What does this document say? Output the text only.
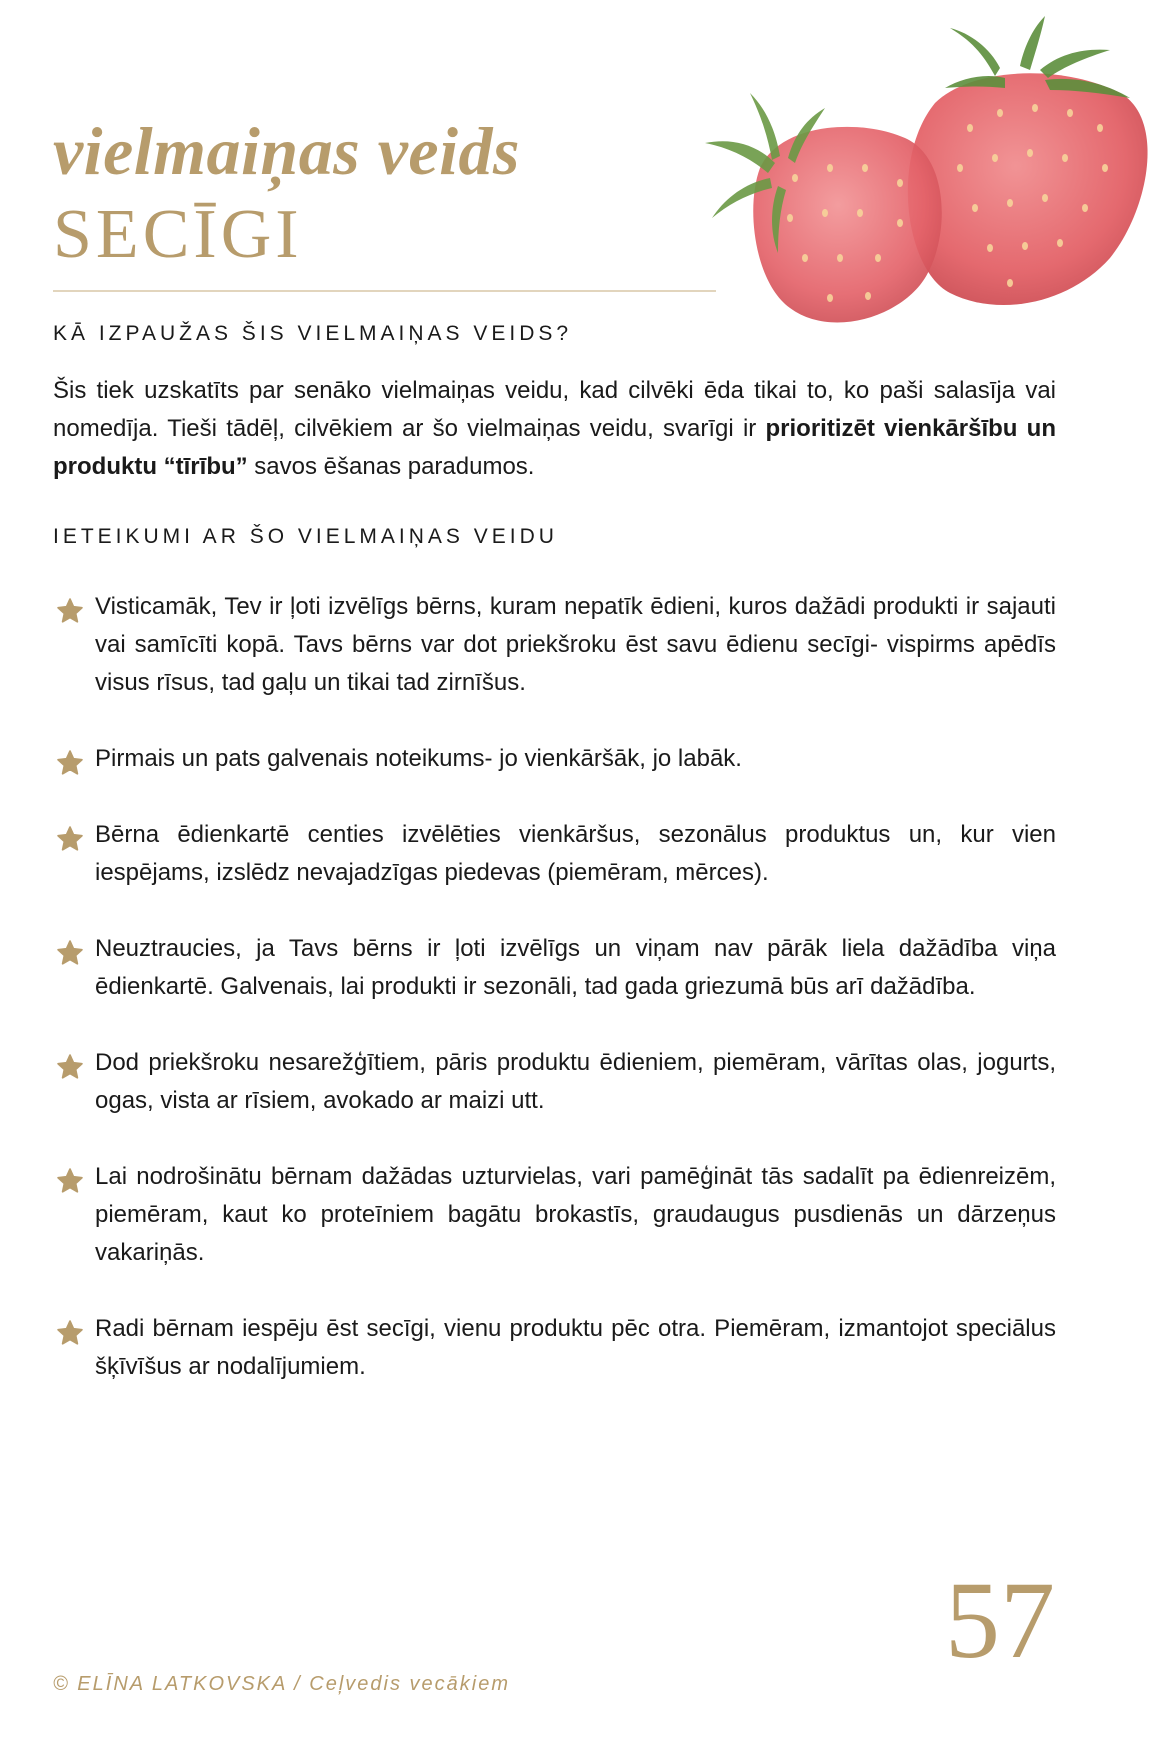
vielmaiņas veids
SECĪGI
KĀ IZPAUŽAS ŠIS VIELMAIŅAS VEIDS?

Šis tiek uzskatīts par senāko vielmaiņas veidu, kad cilvēki ēda tikai to, ko paši salasīja vai nomedīja. Tieši tādēļ, cilvēkiem ar šo vielmaiņas veidu, svarīgi ir prioritizēt vienkāršību un produktu “tīrību” savos ēšanas paradumos.

IETEIKUMI AR ŠO VIELMAIŅAS VEIDU

Visticamāk, Tev ir ļoti izvēlīgs bērns, kuram nepatīk ēdieni, kuros dažādi produkti ir sajauti vai samīcīti kopā. Tavs bērns var dot priekšroku ēst savu ēdienu secīgi- vispirms apēdīs visus rīsus, tad gaļu un tikai tad zirnīšus.

Pirmais un pats galvenais noteikums- jo vienkāršāk, jo labāk.

Bērna ēdienkartē centies izvēlēties vienkāršus, sezonālus produktus un, kur vien iespējams, izslēdz nevajadzīgas piedevas (piemēram, mērces).

Neuztraucies, ja Tavs bērns ir ļoti izvēlīgs un viņam nav pārāk liela dažādība viņa ēdienkartē. Galvenais, lai produkti ir sezonāli, tad gada griezumā būs arī dažādība.

Dod priekšroku nesarežģītiem, pāris produktu ēdieniem, piemēram, vārītas olas, jogurts, ogas, vista ar rīsiem, avokado ar maizi utt.

Lai nodrošinātu bērnam dažādas uzturvielas, vari pamēģināt tās sadalīt pa ēdienreizēm, piemēram, kaut ko proteīniem bagātu brokastīs, graudaugus pusdienās un dārzeņus vakariņās.

Radi bērnam iespēju ēst secīgi, vienu produktu pēc otra. Piemēram, izmantojot speciālus šķīvīšus ar nodalījumiem.

57

© ELĪNA LATKOVSKA / Ceļvedis vecākiem
